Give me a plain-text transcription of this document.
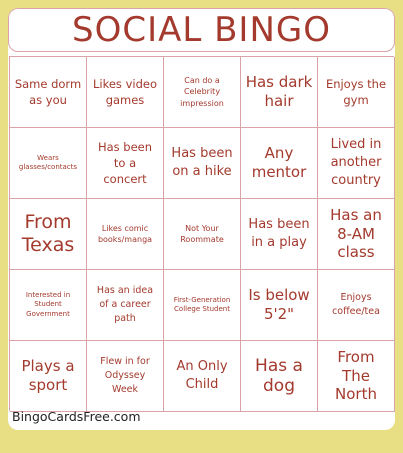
SOCIAL BINGO
Same dorm as you
Likes video games
Can do a Celebrity impression
Has dark hair
Enjoys the gym
Wears glasses/contacts
Has been to a concert
Has been on a hike
Any mentor
Lived in another country
From Texas
Likes comic books/manga
Not Your Roommate
Has been in a play
Has an 8-AM class
Interested in Student Government
Has an idea of a career path
First-Generation College Student
Is below 5'2"
Enjoys coffee/tea
Plays a sport
Flew in for Odyssey Week
An Only Child
Has a dog
From The North
BingoCardsFree.com
